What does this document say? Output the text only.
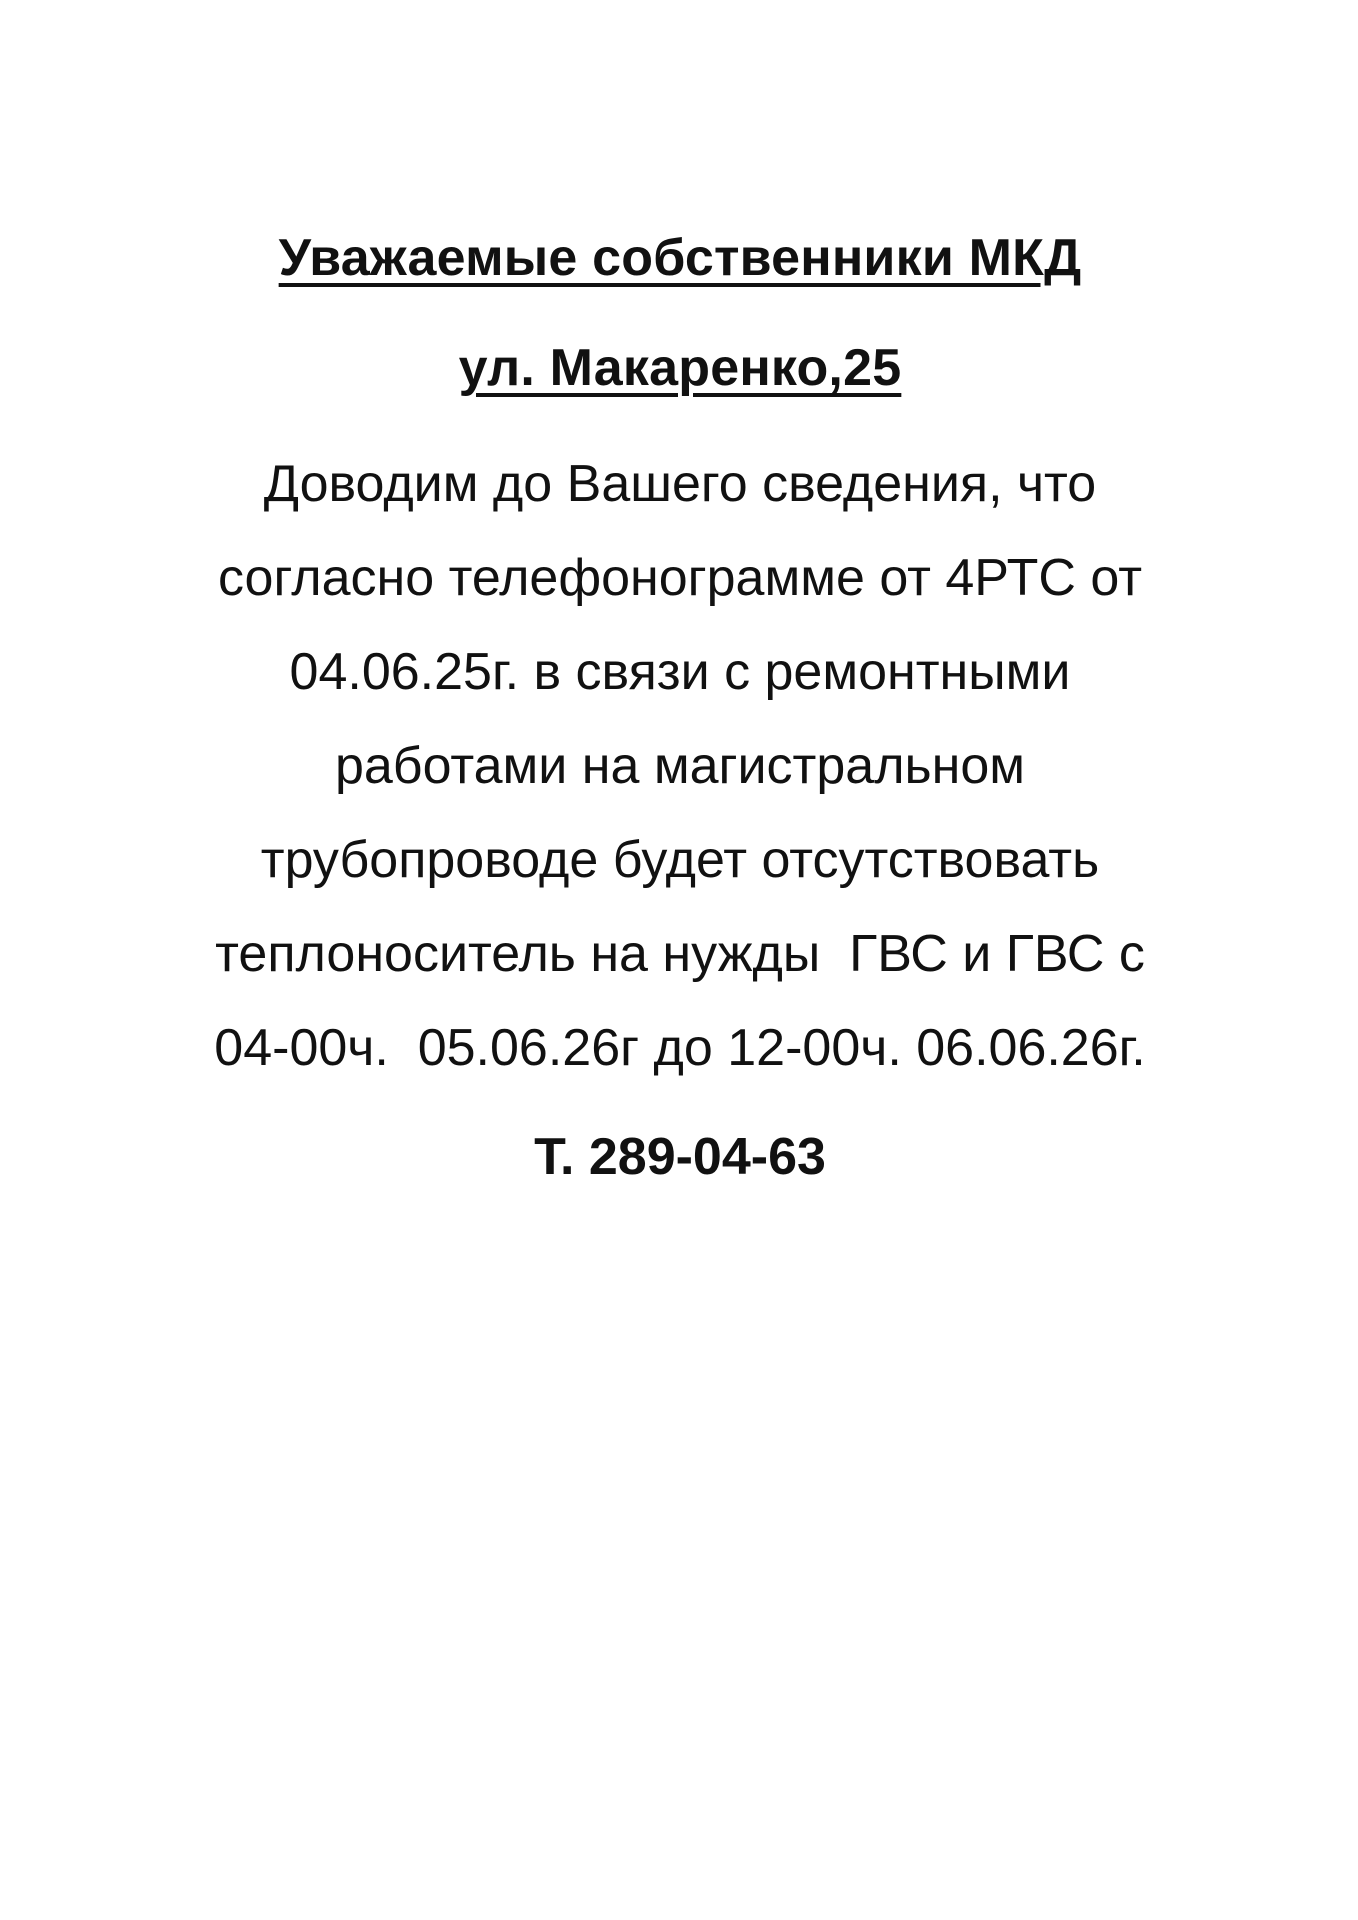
Уважаемые собственники МКД
ул. Макаренко,25

Доводим до Вашего сведения, что
согласно телефонограмме от 4РТС от
04.06.25г. в связи с ремонтными
работами на магистральном
трубопроводе будет отсутствовать
теплоноситель на нужды  ГВС и ГВС с
04-00ч.  05.06.26г до 12-00ч. 06.06.26г.

Т. 289-04-63
